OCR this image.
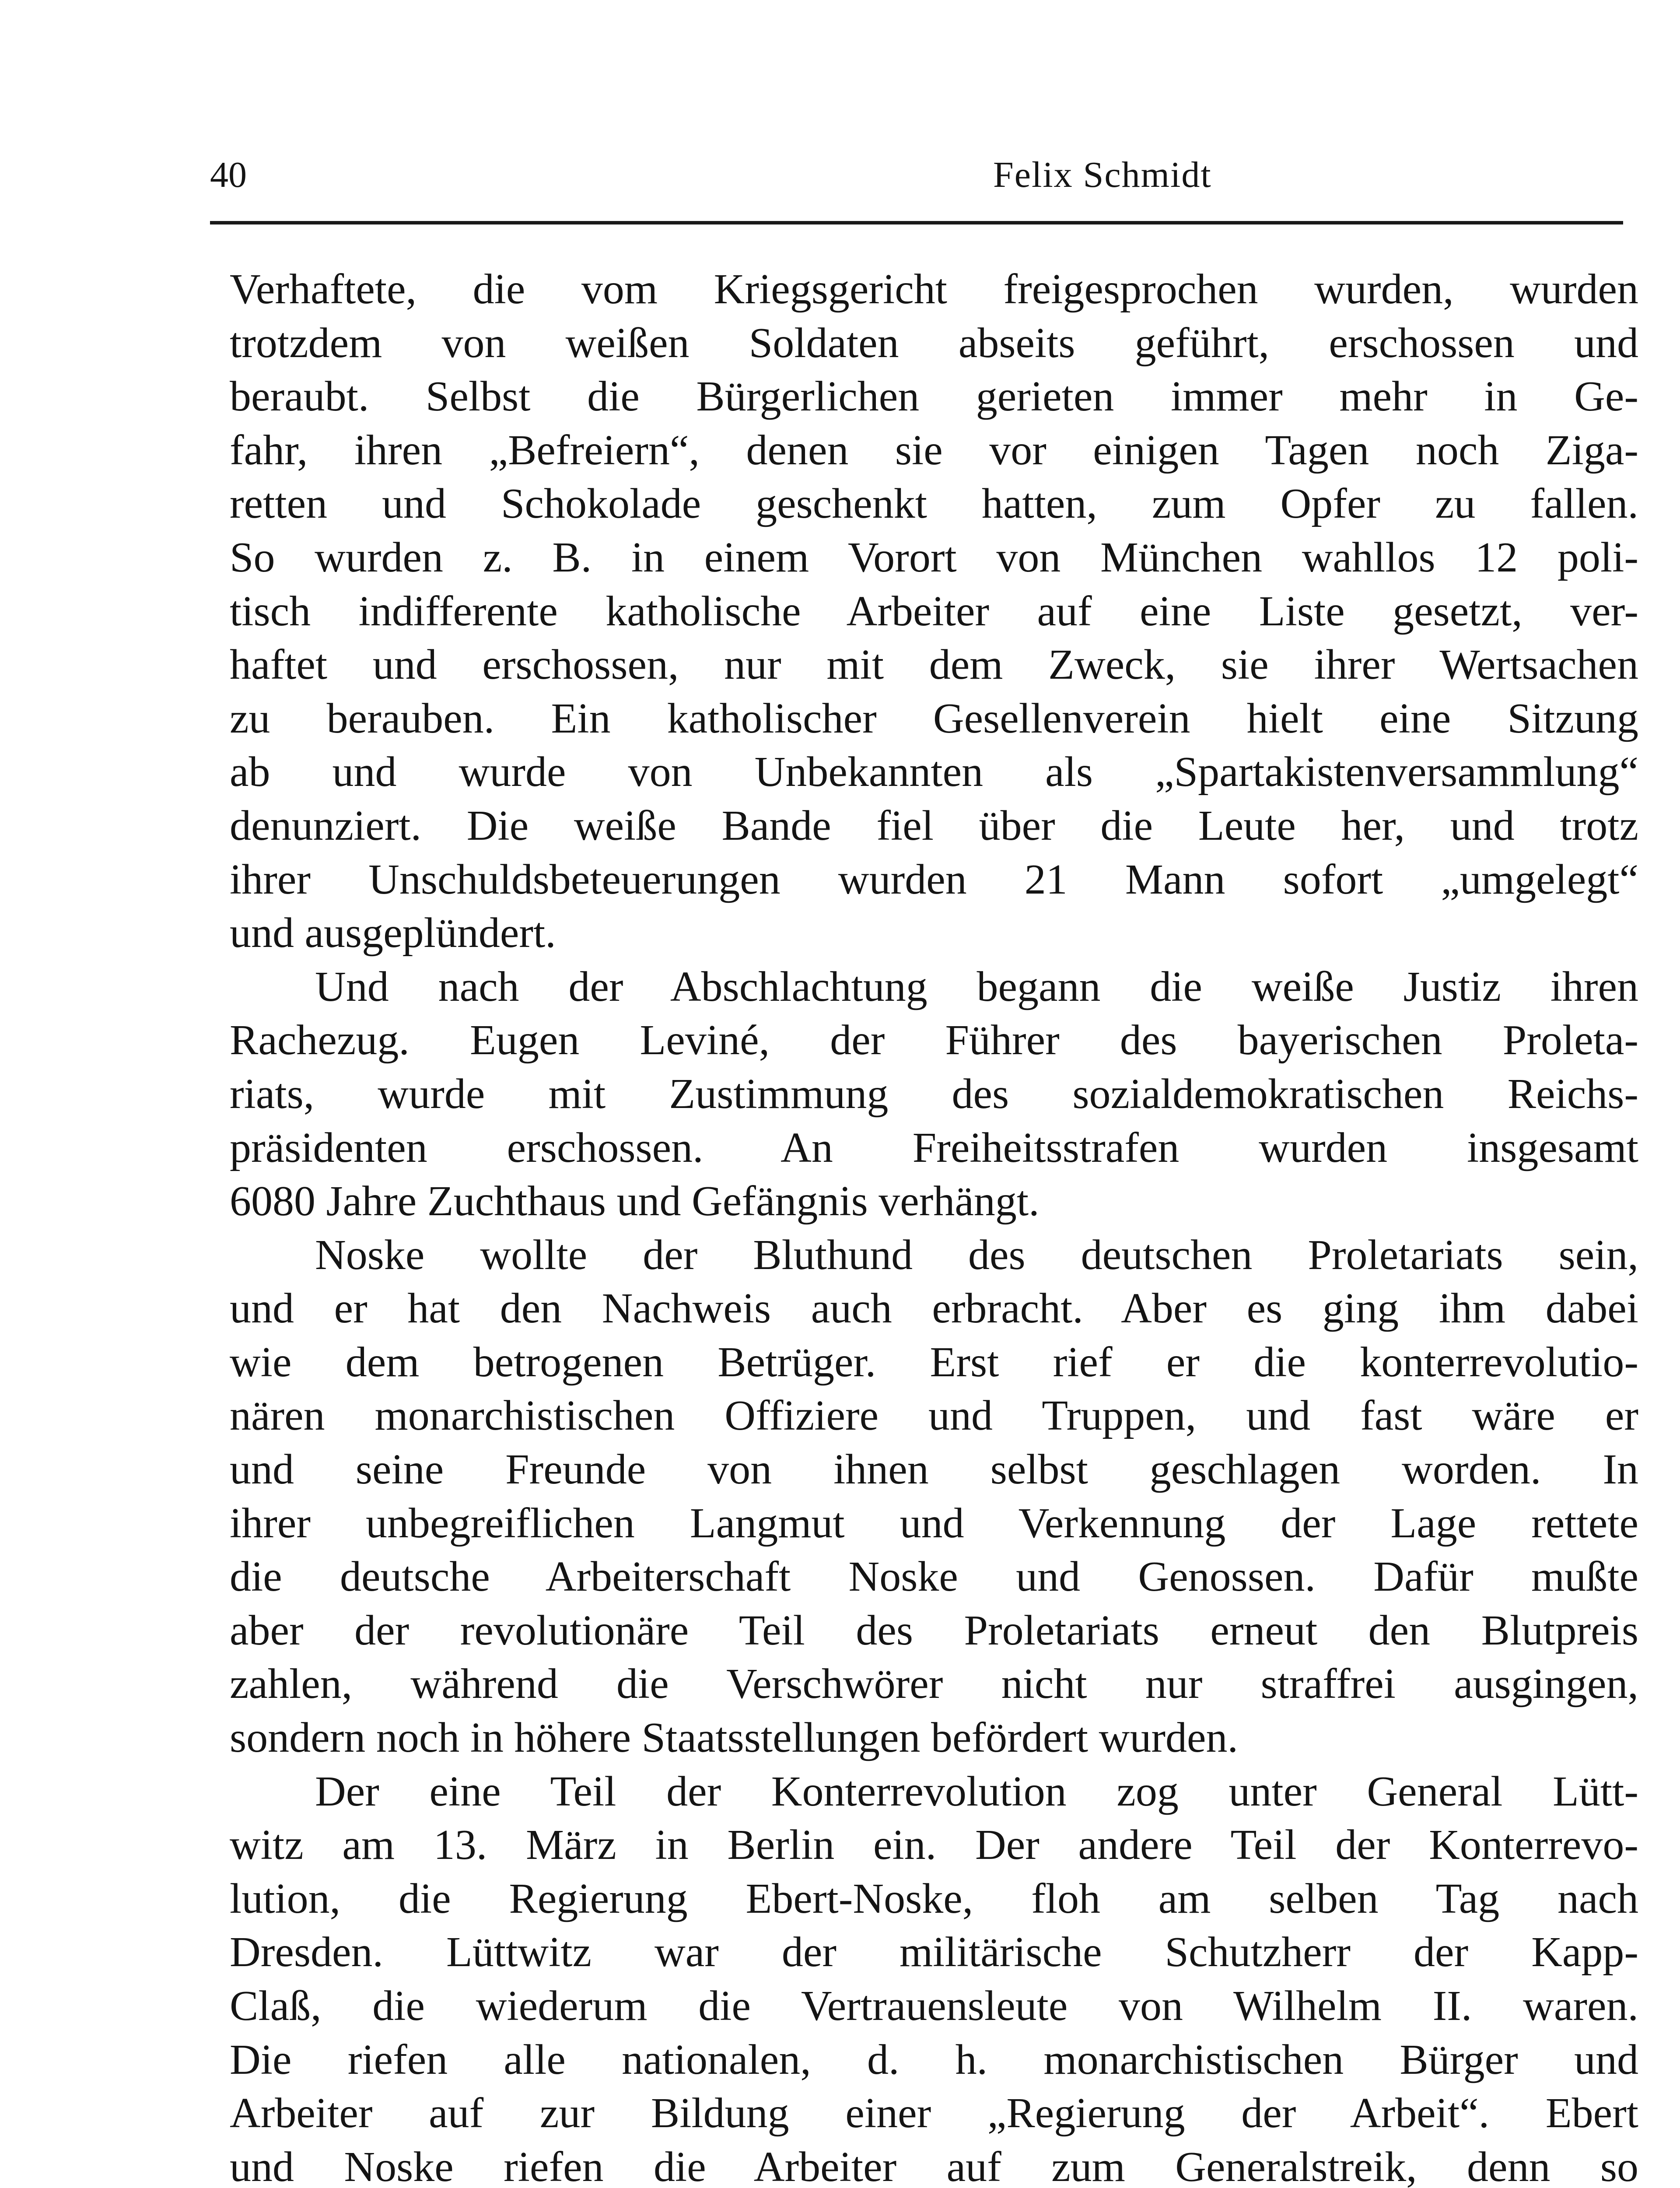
40	Felix Schmidt
Verhaftete, die vom Kriegsgericht freigesprochen wurden, wurden
trotzdem von weißen Soldaten abseits geführt, erschossen und
beraubt. Selbst die Bürgerlichen gerieten immer mehr in Ge-
fahr, ihren „Befreiern“, denen sie vor einigen Tagen noch Ziga-
retten und Schokolade geschenkt hatten, zum Opfer zu fallen.
So wurden z. B. in einem Vorort von München wahllos 12 poli-
tisch indifferente katholische Arbeiter auf eine Liste gesetzt, ver-
haftet und erschossen, nur mit dem Zweck, sie ihrer Wertsachen
zu berauben. Ein katholischer Gesellenverein hielt eine Sitzung
ab und wurde von Unbekannten als „Spartakistenversammlung“
denunziert. Die weiße Bande fiel über die Leute her, und trotz
ihrer Unschuldsbeteuerungen wurden 21 Mann sofort „umgelegt“
und ausgeplündert.
Und nach der Abschlachtung begann die weiße Justiz ihren
Rachezug. Eugen Leviné, der Führer des bayerischen Proleta-
riats, wurde mit Zustimmung des sozialdemokratischen Reichs-
präsidenten erschossen. An Freiheitsstrafen wurden insgesamt
6080 Jahre Zuchthaus und Gefängnis verhängt.
Noske wollte der Bluthund des deutschen Proletariats sein,
und er hat den Nachweis auch erbracht. Aber es ging ihm dabei
wie dem betrogenen Betrüger. Erst rief er die konterrevolutio-
nären monarchistischen Offiziere und Truppen, und fast wäre er
und seine Freunde von ihnen selbst geschlagen worden. In
ihrer unbegreiflichen Langmut und Verkennung der Lage rettete
die deutsche Arbeiterschaft Noske und Genossen. Dafür mußte
aber der revolutionäre Teil des Proletariats erneut den Blutpreis
zahlen, während die Verschwörer nicht nur straffrei ausgingen,
sondern noch in höhere Staatsstellungen befördert wurden.
Der eine Teil der Konterrevolution zog unter General Lütt-
witz am 13. März in Berlin ein. Der andere Teil der Konterrevo-
lution, die Regierung Ebert-Noske, floh am selben Tag nach
Dresden. Lüttwitz war der militärische Schutzherr der Kapp-
Claß, die wiederum die Vertrauensleute von Wilhelm II. waren.
Die riefen alle nationalen, d. h. monarchistischen Bürger und
Arbeiter auf zur Bildung einer „Regierung der Arbeit“. Ebert
und Noske riefen die Arbeiter auf zum Generalstreik, denn so
